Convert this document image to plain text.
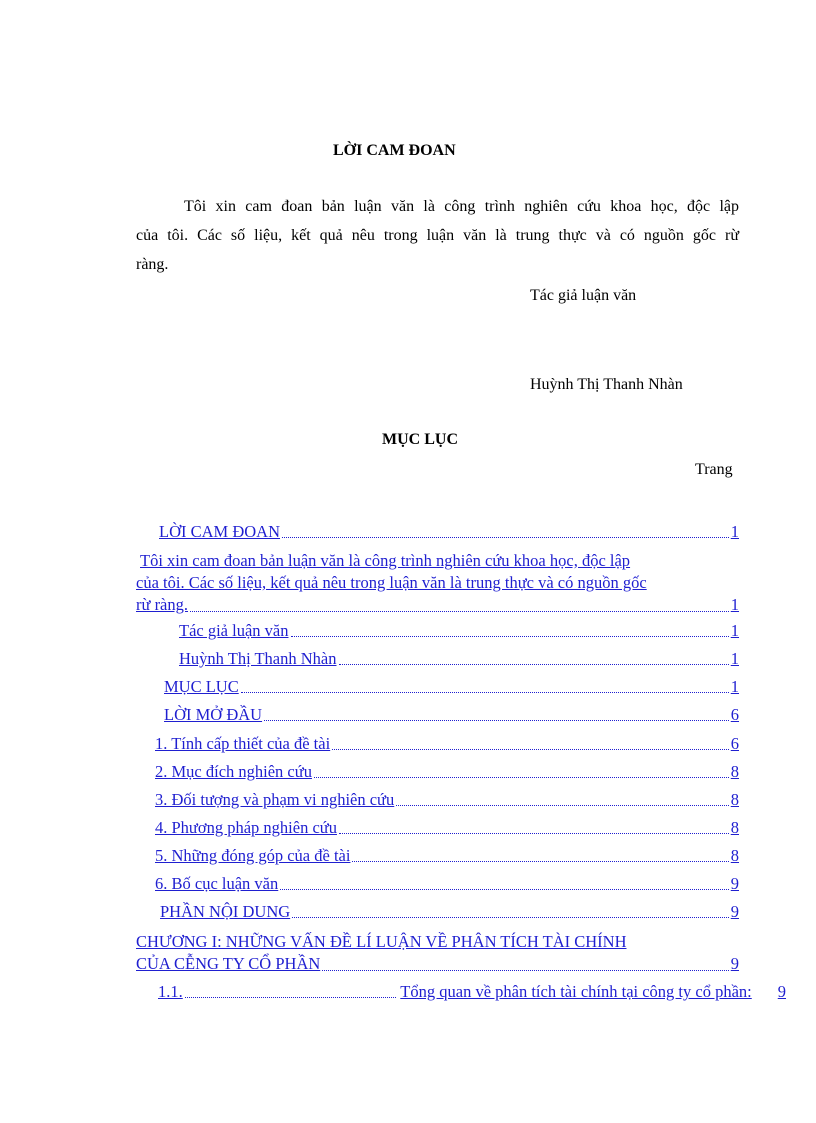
LỜI CAM ĐOAN
Tôi xin cam đoan bản luận văn là công trình nghiên cứu khoa học, độc lập
của tôi. Các số liệu, kết quả nêu trong luận văn là trung thực và có nguồn gốc rừ
ràng.
Tác giả luận văn
Huỳnh Thị Thanh Nhàn
MỤC LỤC
Trang
LỜI CAM ĐOAN	1
Tôi xin cam đoan bản luận văn là công trình nghiên cứu khoa học, độc lập
của tôi. Các số liệu, kết quả nêu trong luận văn là trung thực và có nguồn gốc
rừ ràng.	1
Tác giả luận văn	1
Huỳnh Thị Thanh Nhàn	1
MỤC LỤC	1
LỜI MỞ ĐẦU	6
1. Tính cấp thiết của đề tài	6
2. Mục đích nghiên cứu	8
3. Đối tượng và phạm vi nghiên cứu	8
4. Phương pháp nghiên cứu	8
5. Những đóng góp của đề tài	8
6. Bố cục luận văn	9
PHẦN NỘI DUNG	9
CHƯƠNG I: NHỮNG VẤN ĐỀ LÍ LUẬN VỀ PHÂN TÍCH TÀI CHÍNH
CỦA CỄNG TY CỔ PHẦN	9
1.1.	Tổng quan về phân tích tài chính tại công ty cổ phần: 9
